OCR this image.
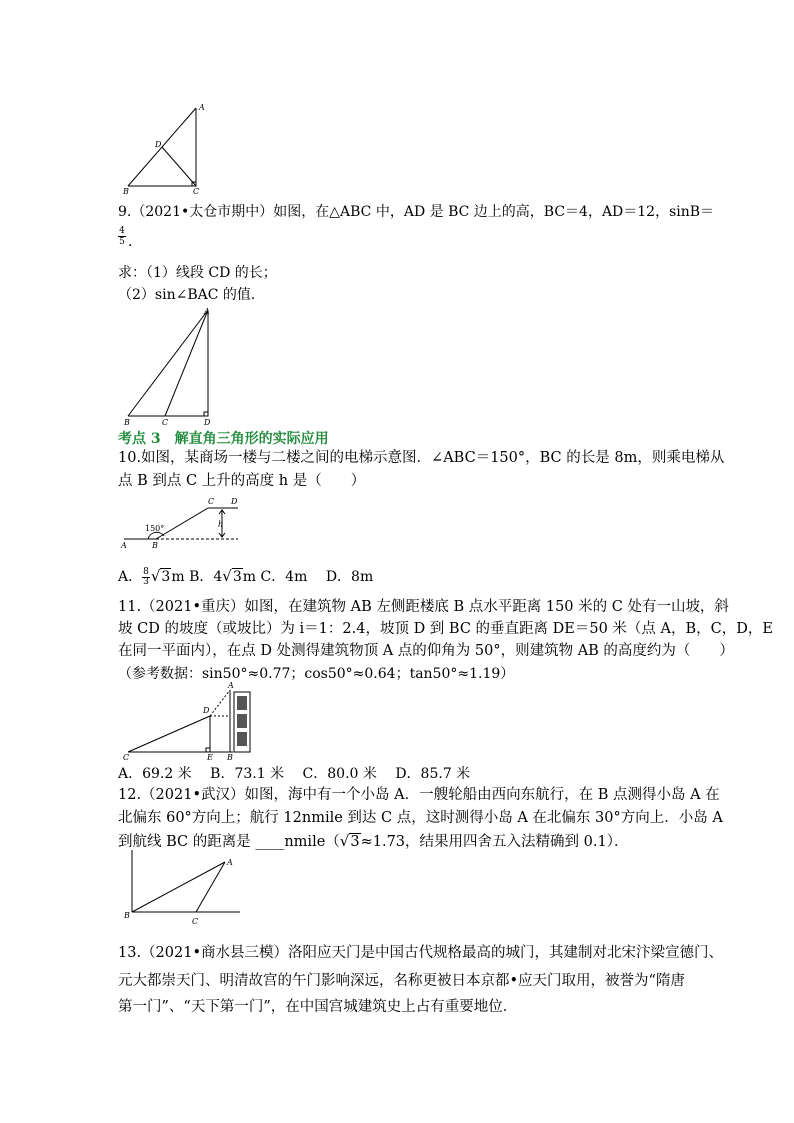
A
D
B	C
9.（2021•太仓市期中）如图，在△ABC 中，AD 是 BC 边上的高，BC＝4，AD＝12，sinB＝
$\frac{4}{5}$ ．
求：（1）线段 CD 的长；
（2）sin∠BAC 的值．
A
B	C	D
考点 3　解直角三角形的实际应用
10.如图，某商场一楼与二楼之间的电梯示意图．∠ABC＝150°，BC 的长是 8m，则乘电梯从
点 B 到点 C 上升的高度 h 是（　　）
150°
A	B
C D
h
A． $\frac{8}{3} √3m$ B．4√3m C．4m　 D．8m
11.（2021•重庆）如图，在建筑物 AB 左侧距楼底 B 点水平距离 150 米的 C 处有一山坡，斜
坡 CD 的坡度（或坡比）为 i＝1：2.4，坡顶 D 到 BC 的垂直距离 DE＝50 米（点 A，B，C，D，E
在同一平面内），在点 D 处测得建筑物顶 A 点的仰角为 50°，则建筑物 AB 的高度约为（　　）
（参考数据：sin50°≈0.77；cos50°≈0.64；tan50°≈1.19）
A
D
C	E B
A．69.2 米　 B．73.1 米　 C．80.0 米　 D．85.7 米
12.（2021•武汉）如图，海中有一个小岛 A．一艘轮船由西向东航行，在 B 点测得小岛 A 在
北偏东 60°方向上；航行 12nmile 到达 C 点，这时测得小岛 A 在北偏东 30°方向上．小岛 A
到航线 BC 的距离是 ____nmile（√3≈1.73，结果用四舍五入法精确到 0.1）．
A
B
C
13.（2021•商水县三模）洛阳应天门是中国古代规格最高的城门，其建制对北宋汴梁宣德门、
元大都崇天门、明清故宫的午门影响深远，名称更被日本京都•应天门取用，被誉为“隋唐
第一门”、“天下第一门”，在中国宫城建筑史上占有重要地位．
